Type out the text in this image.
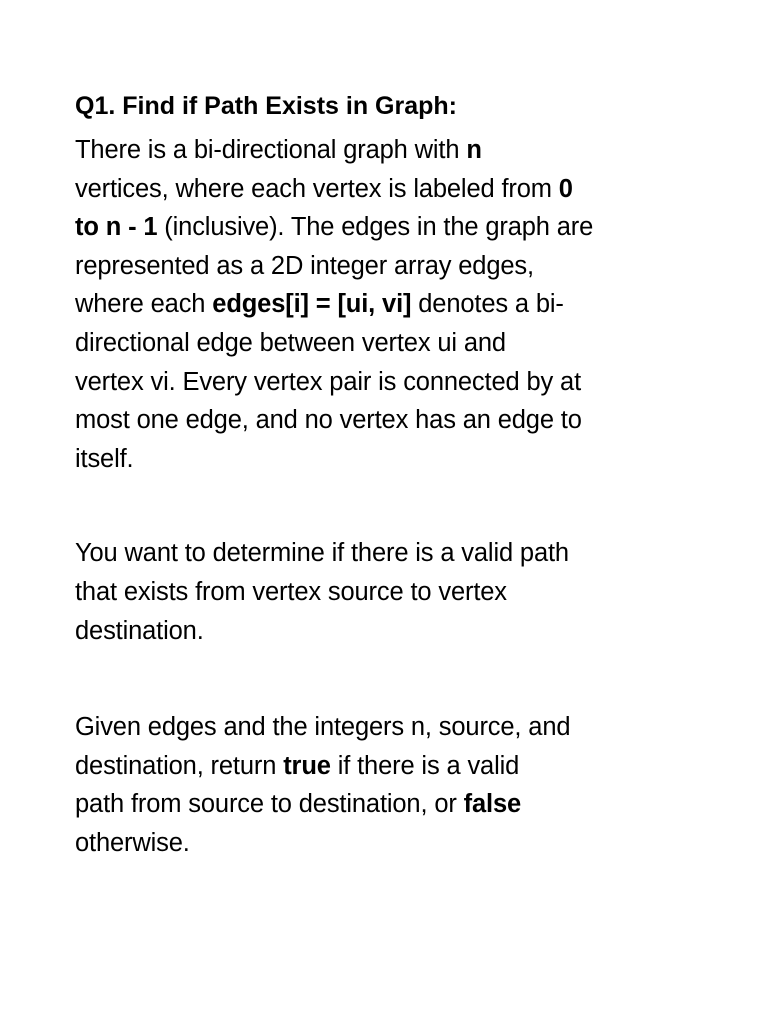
Q1. Find if Path Exists in Graph:

There is a bi-directional graph with n
vertices, where each vertex is labeled from 0
to n - 1 (inclusive). The edges in the graph are
represented as a 2D integer array edges,
where each edges[i] = [ui, vi] denotes a bi-
directional edge between vertex ui and
vertex vi. Every vertex pair is connected by at
most one edge, and no vertex has an edge to
itself.

You want to determine if there is a valid path
that exists from vertex source to vertex
destination.

Given edges and the integers n, source, and
destination, return true if there is a valid
path from source to destination, or false
otherwise.
